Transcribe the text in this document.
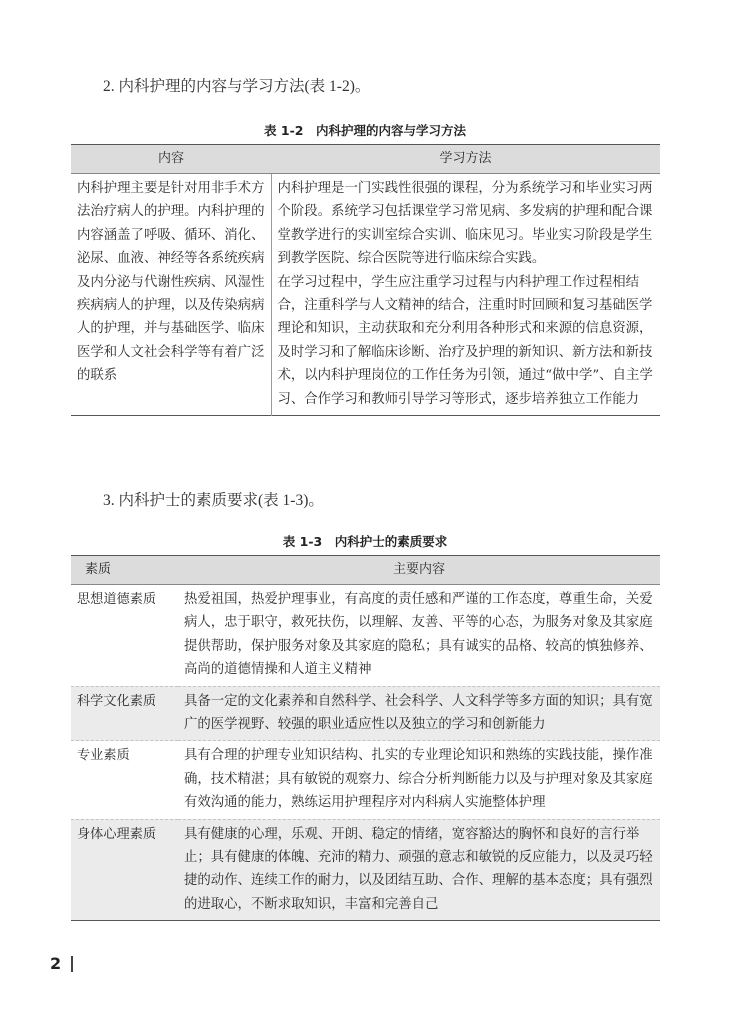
2. 内科护理的内容与学习方法(表 1-2)。
表 1-2　内科护理的内容与学习方法
内容	学习方法
内科护理主要是针对用非手术方法治疗病人的护理。内科护理的内容涵盖了呼吸、循环、消化、泌尿、血液、神经等各系统疾病及内分泌与代谢性疾病、风湿性疾病病人的护理，以及传染病病人的护理，并与基础医学、临床医学和人文社会科学等有着广泛的联系	内科护理是一门实践性很强的课程，分为系统学习和毕业实习两个阶段。系统学习包括课堂学习常见病、多发病的护理和配合课堂教学进行的实训室综合实训、临床见习。毕业实习阶段是学生到教学医院、综合医院等进行临床综合实践。
在学习过程中，学生应注重学习过程与内科护理工作过程相结合，注重科学与人文精神的结合，注重时时回顾和复习基础医学理论和知识，主动获取和充分利用各种形式和来源的信息资源，及时学习和了解临床诊断、治疗及护理的新知识、新方法和新技术，以内科护理岗位的工作任务为引领，通过“做中学”、自主学习、合作学习和教师引导学习等形式，逐步培养独立工作能力
3. 内科护士的素质要求(表 1-3)。
表 1-3　内科护士的素质要求
素质	主要内容
思想道德素质	热爱祖国，热爱护理事业，有高度的责任感和严谨的工作态度，尊重生命，关爱病人，忠于职守，救死扶伤，以理解、友善、平等的心态，为服务对象及其家庭提供帮助，保护服务对象及其家庭的隐私；具有诚实的品格、较高的慎独修养、高尚的道德情操和人道主义精神
科学文化素质	具备一定的文化素养和自然科学、社会科学、人文科学等多方面的知识；具有宽广的医学视野、较强的职业适应性以及独立的学习和创新能力
专业素质	具有合理的护理专业知识结构、扎实的专业理论知识和熟练的实践技能，操作准确，技术精湛；具有敏锐的观察力、综合分析判断能力以及与护理对象及其家庭有效沟通的能力，熟练运用护理程序对内科病人实施整体护理
身体心理素质	具有健康的心理，乐观、开朗、稳定的情绪，宽容豁达的胸怀和良好的言行举止；具有健康的体魄、充沛的精力、顽强的意志和敏锐的反应能力，以及灵巧轻捷的动作、连续工作的耐力，以及团结互助、合作、理解的基本态度；具有强烈的进取心，不断求取知识，丰富和完善自己
2
